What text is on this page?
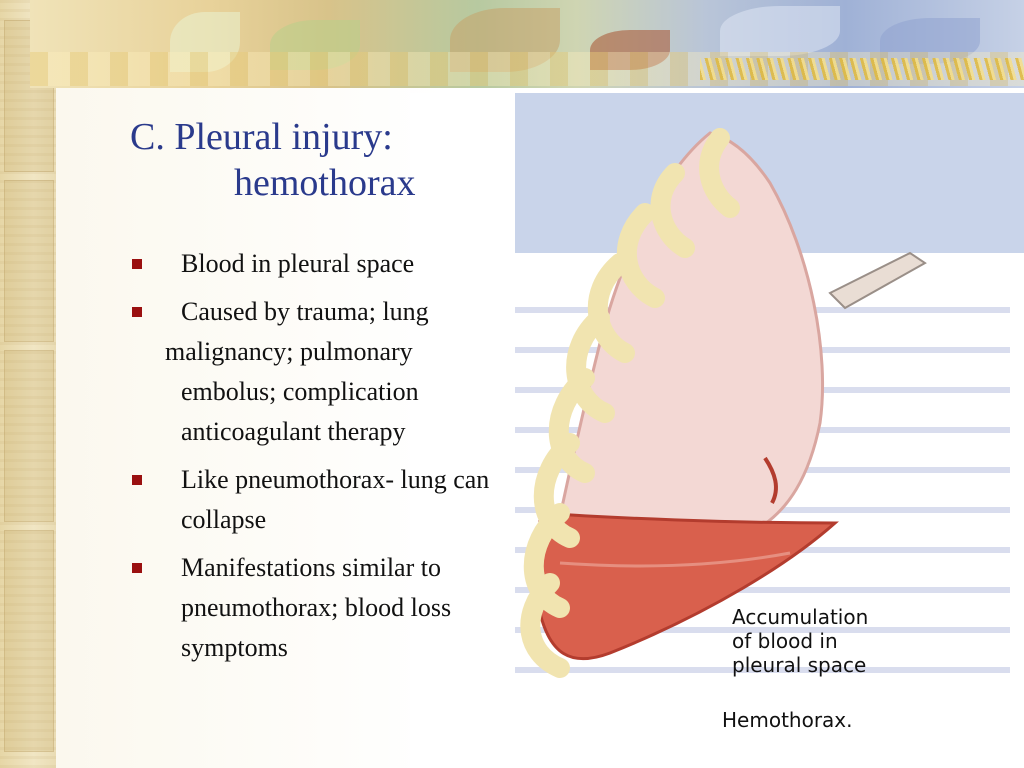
Accumulation
of blood in
pleural space
Hemothorax.
C. Pleural injury:
hemothorax
Blood in pleural space
Caused by trauma; lung
malignancy; pulmonary
embolus; complication anticoagulant therapy
Like pneumothorax- lung can collapse
Manifestations similar to pneumothorax; blood loss symptoms
